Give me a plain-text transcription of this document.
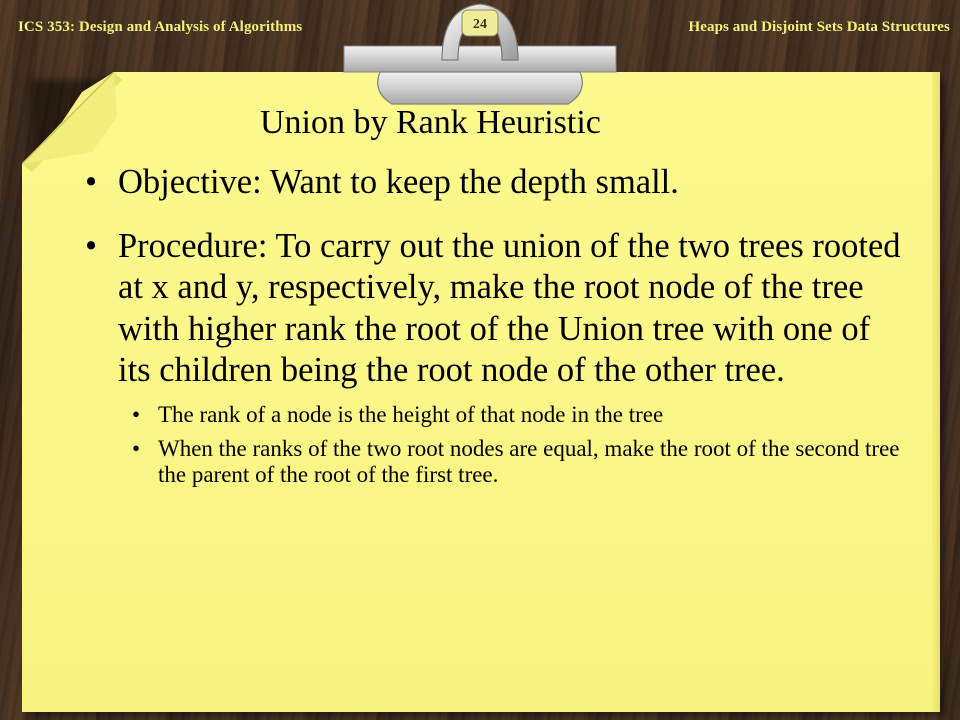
ICS 353: Design and Analysis of Algorithms	Heaps and Disjoint Sets Data Structures
24
Union by Rank Heuristic
• Objective: Want to keep the depth small.
• Procedure: To carry out the union of the two trees rooted at x and y, respectively, make the root node of the tree with higher rank the root of the Union tree with one of its children being the root node of the other tree.
• The rank of a node is the height of that node in the tree
• When the ranks of the two root nodes are equal, make the root of the second tree the parent of the root of the first tree.
